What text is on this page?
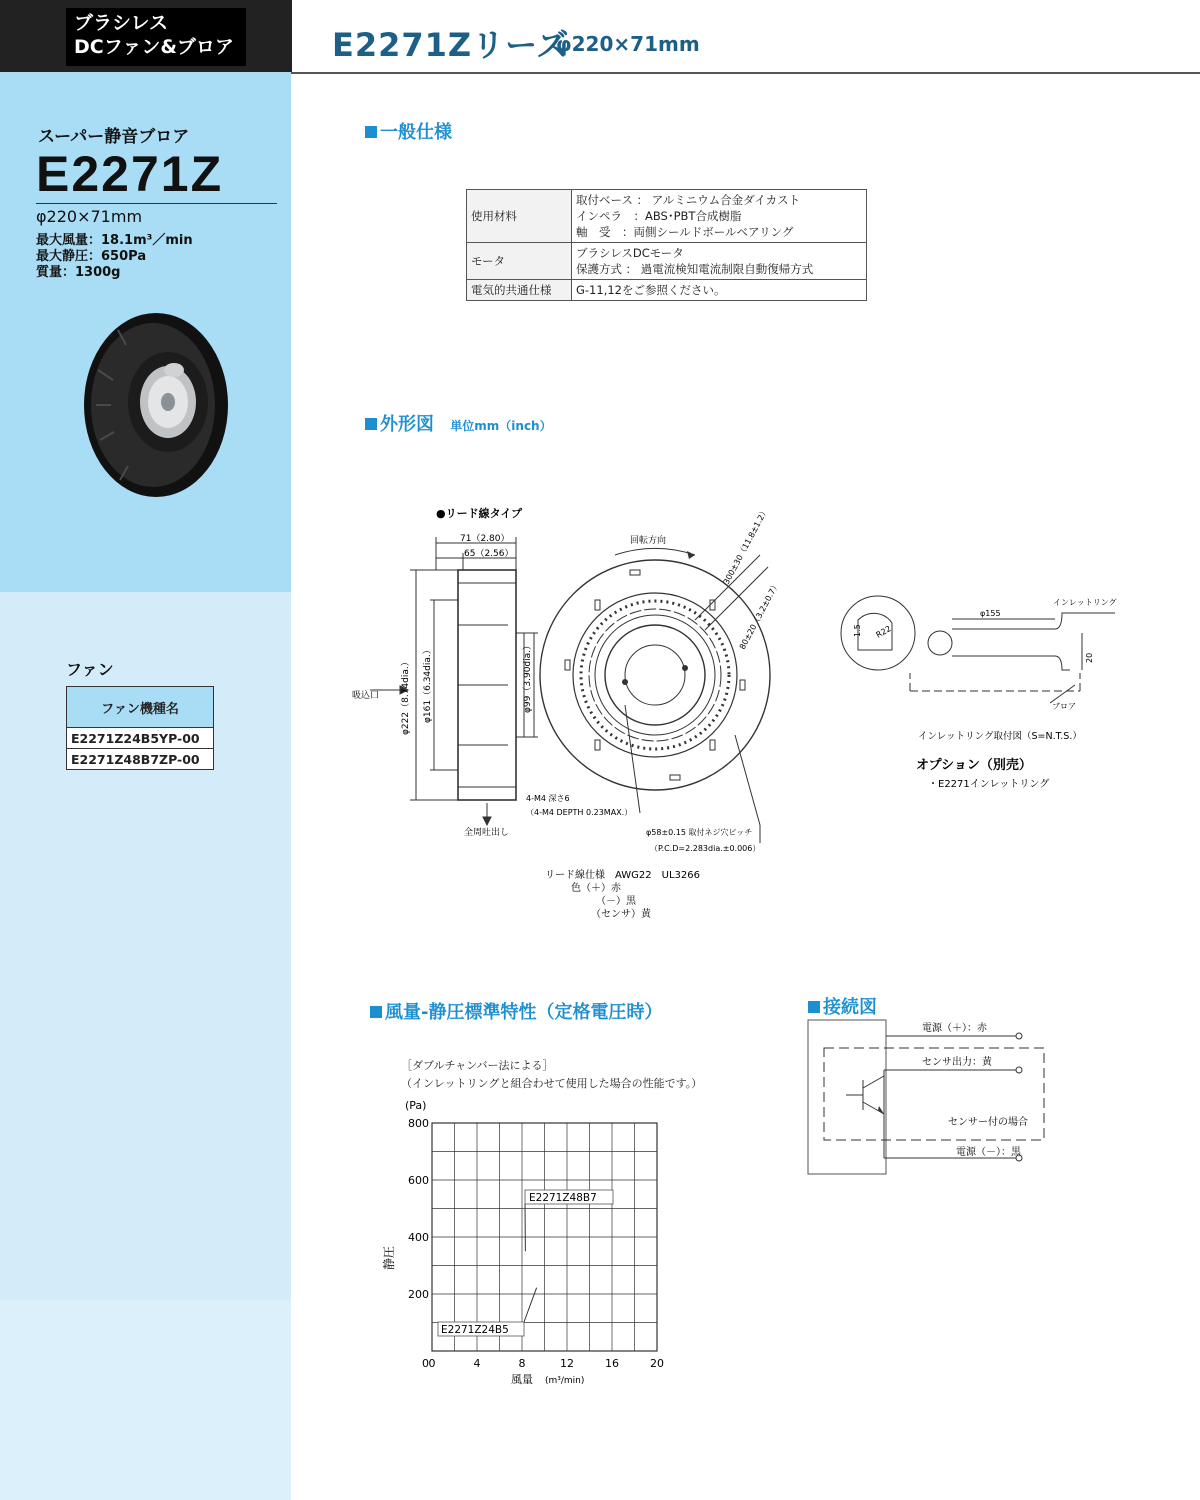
ブラシレス
DCファン&ブロア	E2271Zリーズ
φ220×71mm
スーパー静音ブロア
E2271Z
φ220×71mm
最大風量：18.1m³／min
最大静圧：650Pa
質量：1300g
ファン
ファン機種名
E2271Z24B5YP-00
E2271Z48B7ZP-00
一般仕様
使用材料	取付ベース ： アルミニウム合金ダイカスト
インペラ　：ABS･PBT合成樹脂
軸　受　：両側シールドボールベアリング

モータ	ブラシレスDCモータ
保護方式 ： 過電流検知電流制限自動復帰方式

電気的共通仕様	G-11,12をご参照ください。
外形図 単位mm（inch）
●リード線タイプ
71（2.80）
65（2.56）
φ222（8.74dia.） φ161（6.34dia.）	φ99（3.90dia.）
吸込口
全周吐出し
回転方向	300±30（11.8±1.2）
80±20（3.2±0.7）
4-M4 深さ6
（4-M4 DEPTH 0.23MAX.）
φ58±0.15 取付ネジ穴ピッチ
（P.C.D=2.283dia.±0.006）
リード線仕様　AWG22　UL3266
色（＋）赤
（－）黒
（センサ）黄
φ155
R22
1.5
20
インレットリング
ブロア
インレットリング取付図（S=N.T.S.）
オプション（別売）
・E2271インレットリング
風量-静圧標準特性（定格電圧時）
［ダブルチャンバー法による］
（インレットリングと組合わせて使用した場合の性能です。）
(Pa)
静圧
風量 (m³/min)
0	4	8	12	16	20
200
400
600
800
0
E2271Z48B7
E2271Z24B5
接続図
電源（＋）：赤
センサ出力：黄
センサー付の場合
電源（－）：黒
